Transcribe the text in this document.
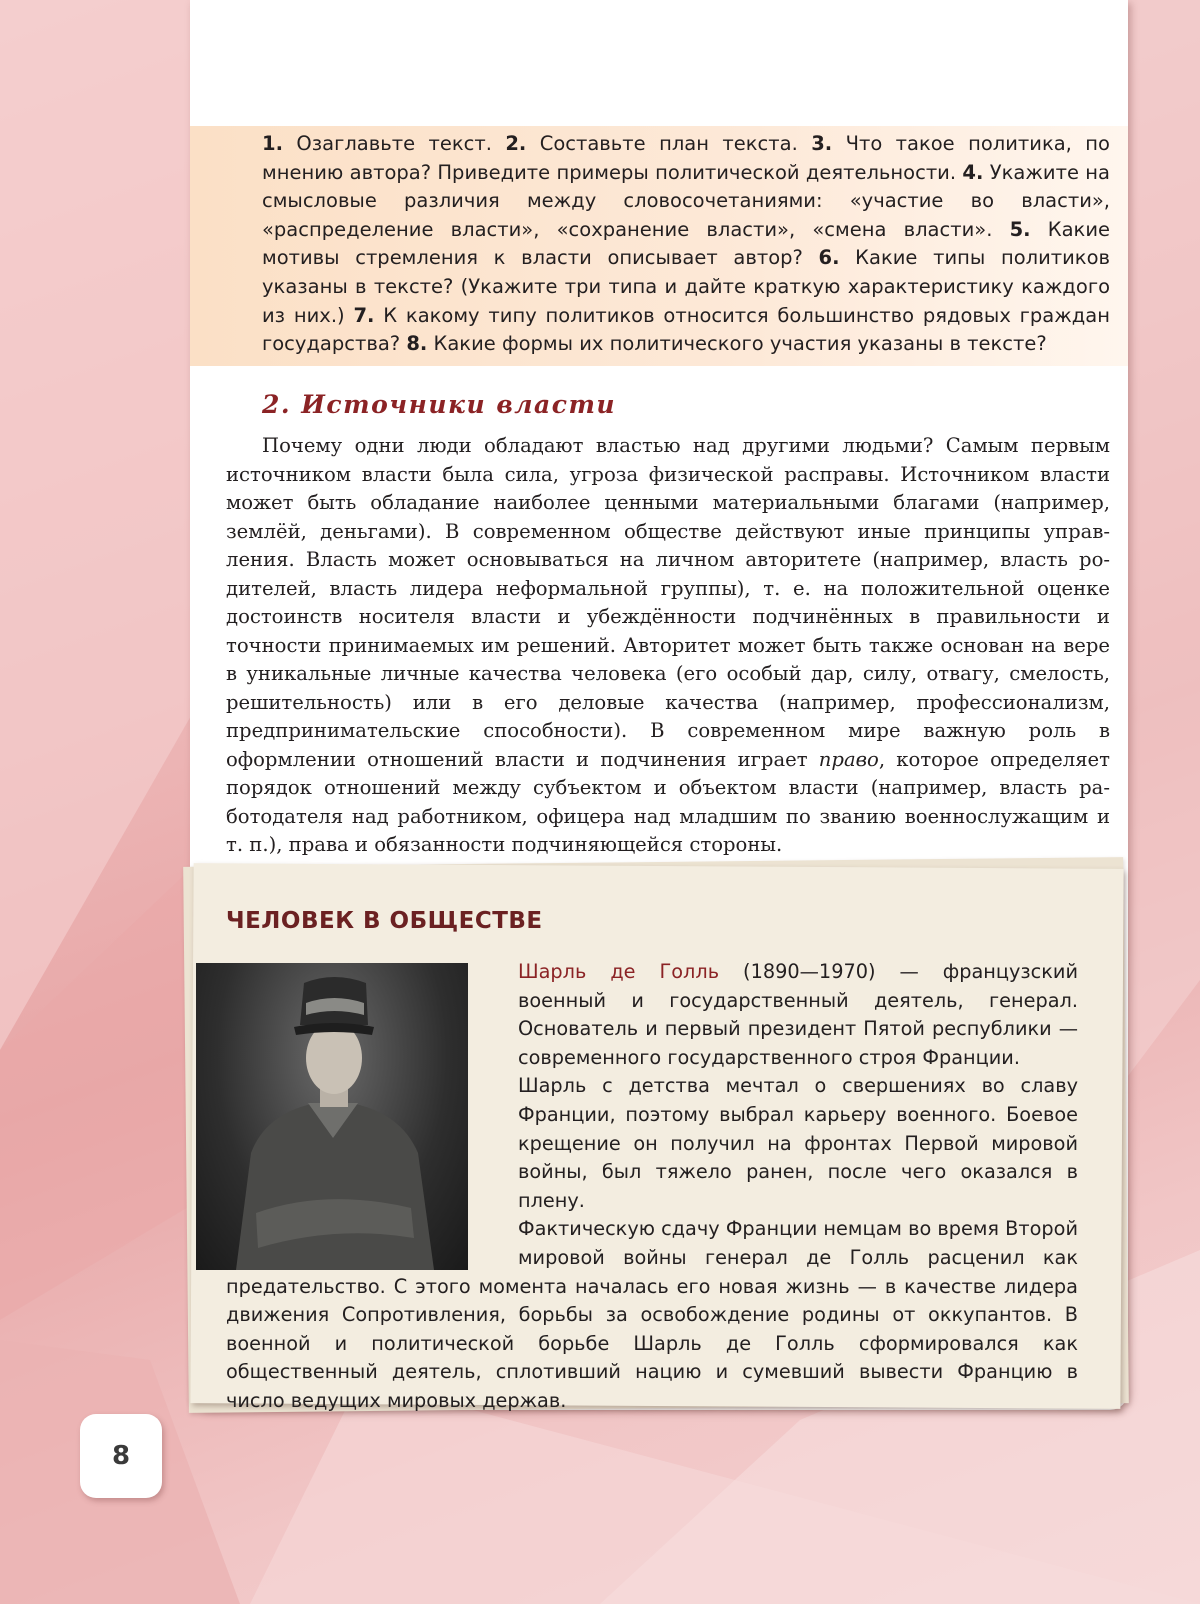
1. Озаглавьте текст. 2. Составьте план текста. 3. Что такое политика, по мнению автора? Приведите примеры политической деятельности. 4. Укажите на смысловые различия между словосочетаниями: «участие во власти», «распределение власти», «сохранение власти», «смена власти». 5. Какие мотивы стремления к власти описывает автор? 6. Какие типы политиков указаны в тексте? (Укажите три типа и дайте краткую характеристику каждого из них.) 7. К какому типу политиков относится большинство рядовых граждан государства? 8. Какие формы их политического участия указаны в тексте?
2. Источники власти

Почему одни люди обладают властью над другими людьми? Самым первым источником власти была сила, угроза физической расправы. Источником власти может быть обладание наиболее ценными материальными благами (например, землёй, деньгами). В современном обществе действуют иные принципы управления. Власть может основываться на личном авторитете (например, власть родителей, власть лидера неформальной группы), т. е. на положительной оценке достоинств носителя власти и убеждённости подчинённых в правильности и точности принимаемых им решений. Авторитет может быть также основан на вере в уникальные личные качества человека (его особый дар, силу, отвагу, смелость, решительность) или в его деловые качества (например, профессионализм, предпринимательские способности). В современном мире важную роль в оформлении отношений власти и подчинения играет право, которое определяет порядок отношений между субъектом и объектом власти (например, власть работодателя над работником, офицера над младшим по званию военнослужащим и т. п.), права и обязанности подчиняющейся стороны.

ЧЕЛОВЕК В ОБЩЕСТВЕ

Шарль де Голль (1890—1970) — французский военный и государственный деятель, генерал. Основатель и первый президент Пятой республики — современного государственного строя Франции.

Шарль с детства мечтал о свершениях во славу Франции, поэтому выбрал карьеру военного. Боевое крещение он получил на фронтах Первой мировой войны, был тяжело ранен, после чего оказался в плену.

Фактическую сдачу Франции немцам во время Второй мировой войны генерал де Голль расценил как предательство. С этого момента началась его новая жизнь — в качестве лидера движения Сопротивления, борьбы за освобождение родины от оккупантов. В военной и политической борьбе Шарль де Голль сформировался как общественный деятель, сплотивший нацию и сумевший вывести Францию в число ведущих мировых держав.

8
